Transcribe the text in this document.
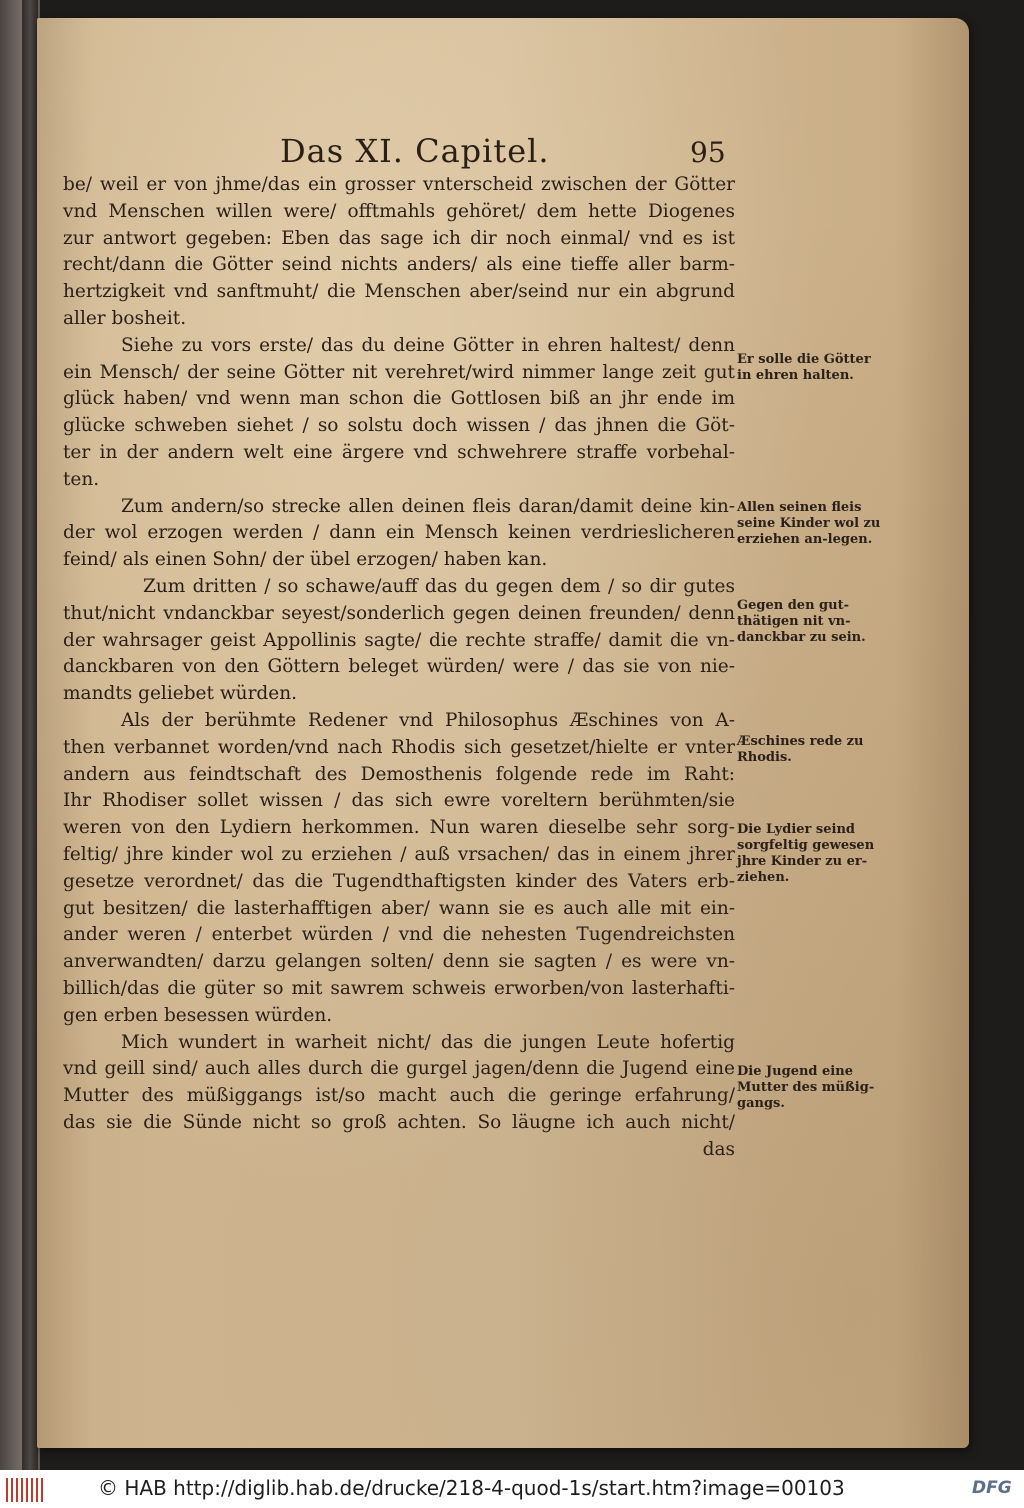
Das XI. Capitel.	95
be/ weil er von jhme/das ein grosser vnterscheid zwischen der Götter
vnd Menschen willen were/ offtmahls gehöret/ dem hette Diogenes
zur antwort gegeben: Eben das sage ich dir noch einmal/ vnd es ist
recht/dann die Götter seind nichts anders/ als eine tieffe aller barm-
hertzigkeit vnd sanftmuht/ die Menschen aber/seind nur ein abgrund
aller bosheit.
Siehe zu vors erste/ das du deine Götter in ehren haltest/ denn
ein Mensch/ der seine Götter nit verehret/wird nimmer lange zeit gut
glück haben/ vnd wenn man schon die Gottlosen biß an jhr ende im
glücke schweben siehet / so solstu doch wissen / das jhnen die Göt-
ter in der andern welt eine ärgere vnd schwehrere straffe vorbehal-
ten.
Zum andern/so strecke allen deinen fleis daran/damit deine kin-
der wol erzogen werden / dann ein Mensch keinen verdrieslicheren
feind/ als einen Sohn/ der übel erzogen/ haben kan.
Zum dritten / so schawe/auff das du gegen dem / so dir gutes
thut/nicht vndanckbar seyest/sonderlich gegen deinen freunden/ denn
der wahrsager geist Appollinis sagte/ die rechte straffe/ damit die vn-
danckbaren von den Göttern beleget würden/ were / das sie von nie-
mandts geliebet würden.
Als der berühmte Redener vnd Philosophus Æschines von A-
then verbannet worden/vnd nach Rhodis sich gesetzet/hielte er vnter
andern aus feindtschaft des Demosthenis folgende rede im Raht:
Ihr Rhodiser sollet wissen / das sich ewre voreltern berühmten/sie
weren von den Lydiern herkommen. Nun waren dieselbe sehr sorg-
feltig/ jhre kinder wol zu erziehen / auß vrsachen/ das in einem jhrer
gesetze verordnet/ das die Tugendthaftigsten kinder des Vaters erb-
gut besitzen/ die lasterhafftigen aber/ wann sie es auch alle mit ein-
ander weren / enterbet würden / vnd die nehesten Tugendreichsten
anverwandten/ darzu gelangen solten/ denn sie sagten / es were vn-
billich/das die güter so mit sawrem schweis erworben/von lasterhafti-
gen erben besessen würden.
Mich wundert in warheit nicht/ das die jungen Leute hofertig
vnd geill sind/ auch alles durch die gurgel jagen/denn die Jugend eine
Mutter des müßiggangs ist/so macht auch die geringe erfahrung/
das sie die Sünde nicht so groß achten. So läugne ich auch nicht/
das
Er solle die Götter in ehren halten.
Allen seinen fleis seine Kinder wol zu erziehen an-legen.
Gegen den gut-thätigen nit vn-danckbar zu sein.
Æschines rede zu Rhodis.
Die Lydier seind sorgfeltig gewesen jhre Kinder zu er-ziehen.
Die Jugend eine Mutter des müßig-gangs.
© HAB http://diglib.hab.de/drucke/218-4-quod-1s/start.htm?image=00103	DFG
